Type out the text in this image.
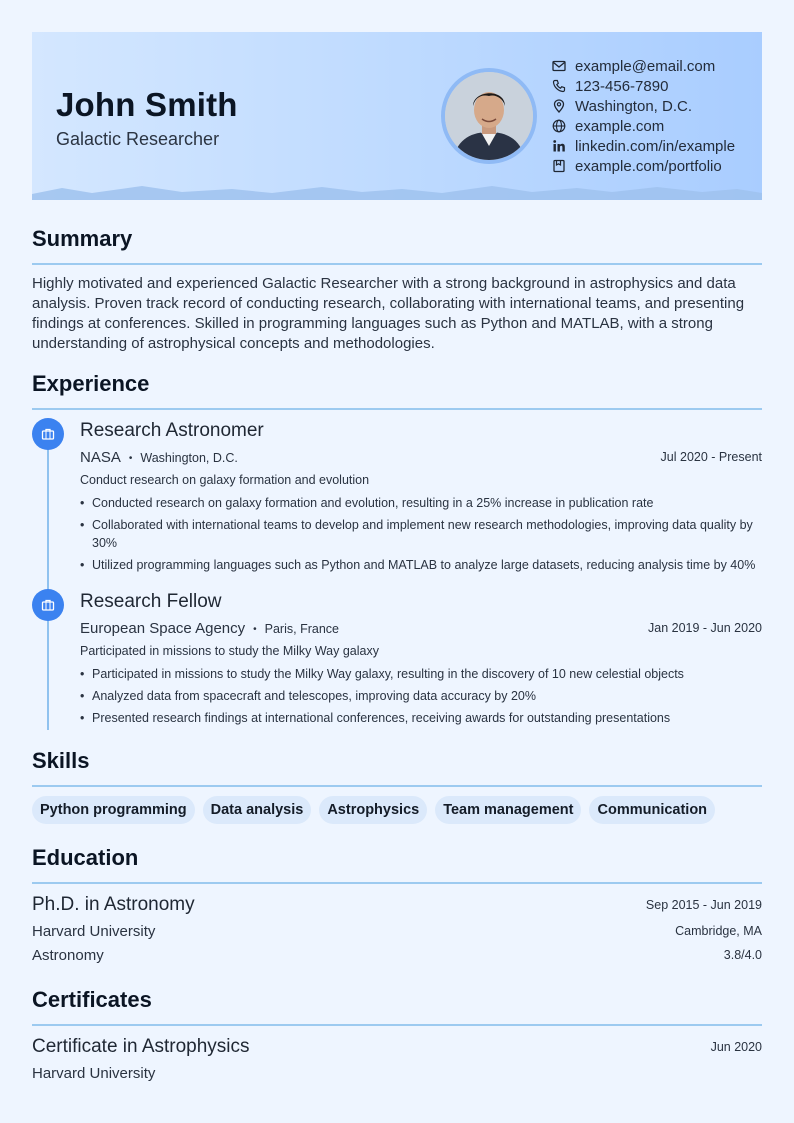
John Smith
Galactic Researcher
example@email.com
123-456-7890
Washington, D.C.
example.com
linkedin.com/in/example
example.com/portfolio
Summary
Highly motivated and experienced Galactic Researcher with a strong background in astrophysics and data analysis. Proven track record of conducting research, collaborating with international teams, and presenting findings at conferences. Skilled in programming languages such as Python and MATLAB, with a strong understanding of astrophysical concepts and methodologies.
Experience
Research Astronomer
NASA • Washington, D.C.	Jul 2020 - Present
Conduct research on galaxy formation and evolution
• Conducted research on galaxy formation and evolution, resulting in a 25% increase in publication rate
• Collaborated with international teams to develop and implement new research methodologies, improving data quality by 30%
• Utilized programming languages such as Python and MATLAB to analyze large datasets, reducing analysis time by 40%
Research Fellow
European Space Agency • Paris, France	Jan 2019 - Jun 2020
Participated in missions to study the Milky Way galaxy
• Participated in missions to study the Milky Way galaxy, resulting in the discovery of 10 new celestial objects
• Analyzed data from spacecraft and telescopes, improving data accuracy by 20%
• Presented research findings at international conferences, receiving awards for outstanding presentations
Skills
Python programming	Data analysis	Astrophysics	Team management	Communication
Education
Ph.D. in Astronomy	Sep 2015 - Jun 2019
Harvard University	Cambridge, MA
Astronomy	3.8/4.0
Certificates
Certificate in Astrophysics	Jun 2020
Harvard University
